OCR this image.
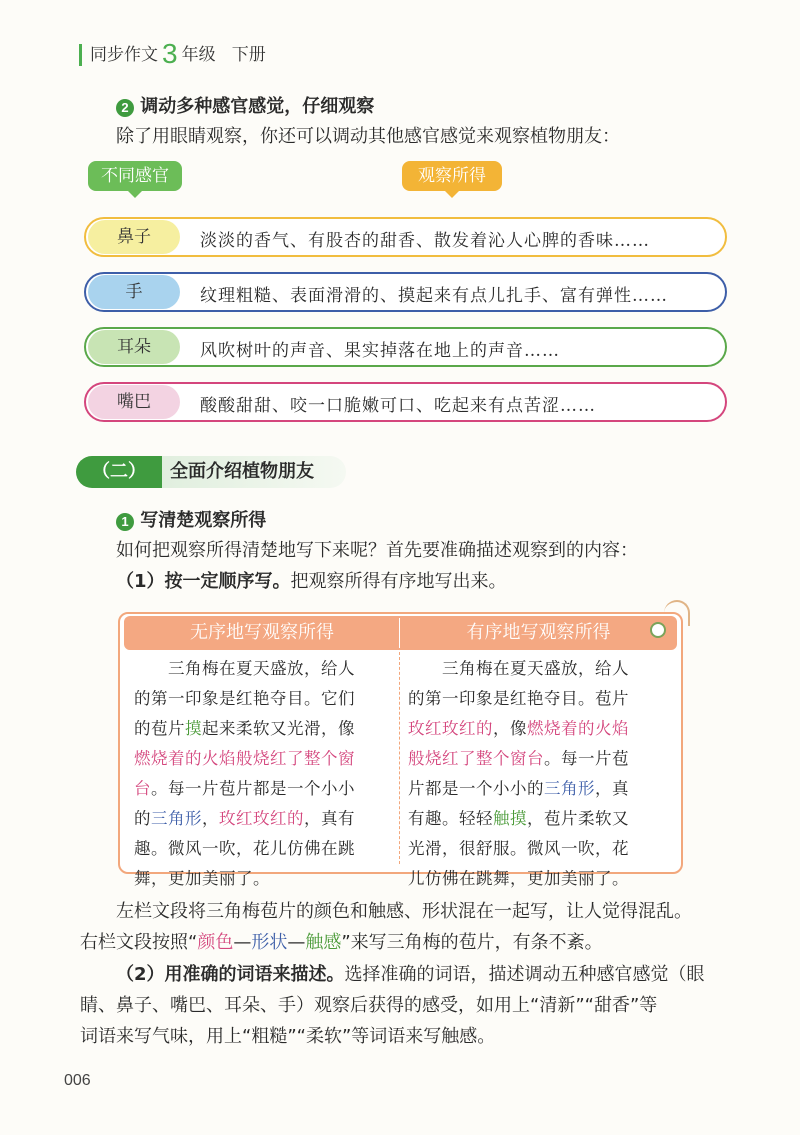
同步作文 3 年级 下册
2 调动多种感官感觉，仔细观察
除了用眼睛观察，你还可以调动其他感官感觉来观察植物朋友：
不同感官	观察所得
鼻子	淡淡的香气、有股杏的甜香、散发着沁人心脾的香味……
手	纹理粗糙、表面滑滑的、摸起来有点儿扎手、富有弹性……
耳朵	风吹树叶的声音、果实掉落在地上的声音……
嘴巴	酸酸甜甜、咬一口脆嫩可口、吃起来有点苦涩……
全面介绍植物朋友
（二）
1 写清楚观察所得
如何把观察所得清楚地写下来呢？首先要准确描述观察到的内容：
（1）按一定顺序写。把观察所得有序地写出来。
无序地写观察所得	有序地写观察所得
三角梅在夏天盛放，给人
的第一印象是红艳夺目。它们
的苞片摸起来柔软又光滑，像
燃烧着的火焰般烧红了整个窗
台。每一片苞片都是一个小小
的三角形，玫红玫红的，真有
趣。微风一吹，花儿仿佛在跳
舞，更加美丽了。
三角梅在夏天盛放，给人
的第一印象是红艳夺目。苞片
玫红玫红的，像燃烧着的火焰
般烧红了整个窗台。每一片苞
片都是一个小小的三角形，真
有趣。轻轻触摸，苞片柔软又
光滑，很舒服。微风一吹，花
儿仿佛在跳舞，更加美丽了。
左栏文段将三角梅苞片的颜色和触感、形状混在一起写，让人觉得混乱。
右栏文段按照“颜色—形状—触感”来写三角梅的苞片，有条不紊。
（2）用准确的词语来描述。选择准确的词语，描述调动五种感官感觉（眼
睛、鼻子、嘴巴、耳朵、手）观察后获得的感受，如用上“清新”“甜香”等
词语来写气味，用上“粗糙”“柔软”等词语来写触感。
006
